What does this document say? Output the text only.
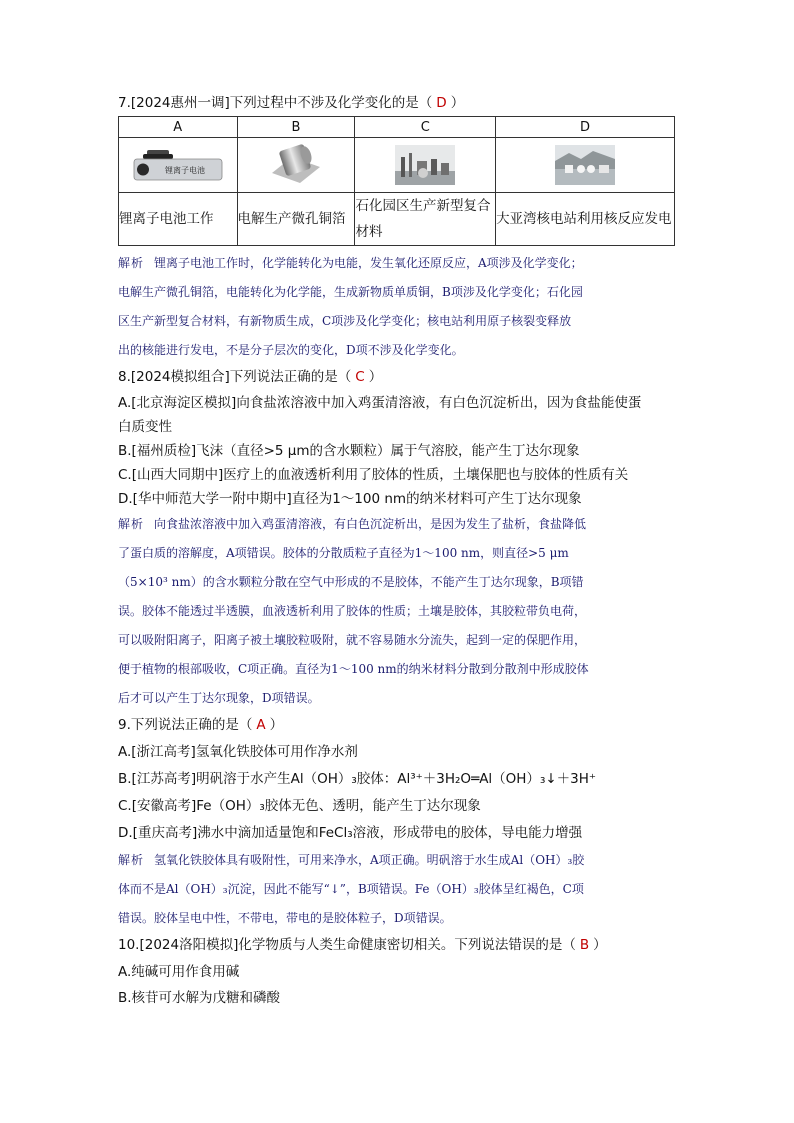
7.[2024惠州一调]下列过程中不涉及化学变化的是（ D ）
A	B	C	D

锂离子电池

锂离子电池工作	电解生产微孔铜箔	石化园区生产新型复合材料	大亚湾核电站利用核反应发电
解析 锂离子电池工作时，化学能转化为电能，发生氧化还原反应，A项涉及化学变化；
电解生产微孔铜箔，电能转化为化学能，生成新物质单质铜，B项涉及化学变化；石化园
区生产新型复合材料，有新物质生成，C项涉及化学变化；核电站利用原子核裂变释放
出的核能进行发电，不是分子层次的变化，D项不涉及化学变化。
8.[2024模拟组合]下列说法正确的是（ C ）

A.[北京海淀区模拟]向食盐浓溶液中加入鸡蛋清溶液，有白色沉淀析出，因为食盐能使蛋

白质变性

B.[福州质检]飞沫（直径>5 μm的含水颗粒）属于气溶胶，能产生丁达尔现象

C.[山西大同期中]医疗上的血液透析利用了胶体的性质，土壤保肥也与胶体的性质有关

D.[华中师范大学一附中期中]直径为1～100 nm的纳米材料可产生丁达尔现象

解析 向食盐浓溶液中加入鸡蛋清溶液，有白色沉淀析出，是因为发生了盐析，食盐降低
了蛋白质的溶解度，A项错误。胶体的分散质粒子直径为1～100 nm，则直径>5 μm
（5×10³ nm）的含水颗粒分散在空气中形成的不是胶体，不能产生丁达尔现象，B项错
误。胶体不能透过半透膜，血液透析利用了胶体的性质；土壤是胶体，其胶粒带负电荷，
可以吸附阳离子，阳离子被土壤胶粒吸附，就不容易随水分流失，起到一定的保肥作用，
便于植物的根部吸收，C项正确。直径为1～100 nm的纳米材料分散到分散剂中形成胶体
后才可以产生丁达尔现象，D项错误。
9.下列说法正确的是（ A ）

A.[浙江高考]氢氧化铁胶体可用作净水剂

B.[江苏高考]明矾溶于水产生Al（OH）₃胶体：Al³⁺＋3H₂O═Al（OH）₃↓＋3H⁺

C.[安徽高考]Fe（OH）₃胶体无色、透明，能产生丁达尔现象

D.[重庆高考]沸水中滴加适量饱和FeCl₃溶液，形成带电的胶体，导电能力增强

解析 氢氧化铁胶体具有吸附性，可用来净水，A项正确。明矾溶于水生成Al（OH）₃胶
体而不是Al（OH）₃沉淀，因此不能写“↓”，B项错误。Fe（OH）₃胶体呈红褐色，C项
错误。胶体呈电中性，不带电，带电的是胶体粒子，D项错误。
10.[2024洛阳模拟]化学物质与人类生命健康密切相关。下列说法错误的是（ B ）

A.纯碱可用作食用碱

B.核苷可水解为戊糖和磷酸
